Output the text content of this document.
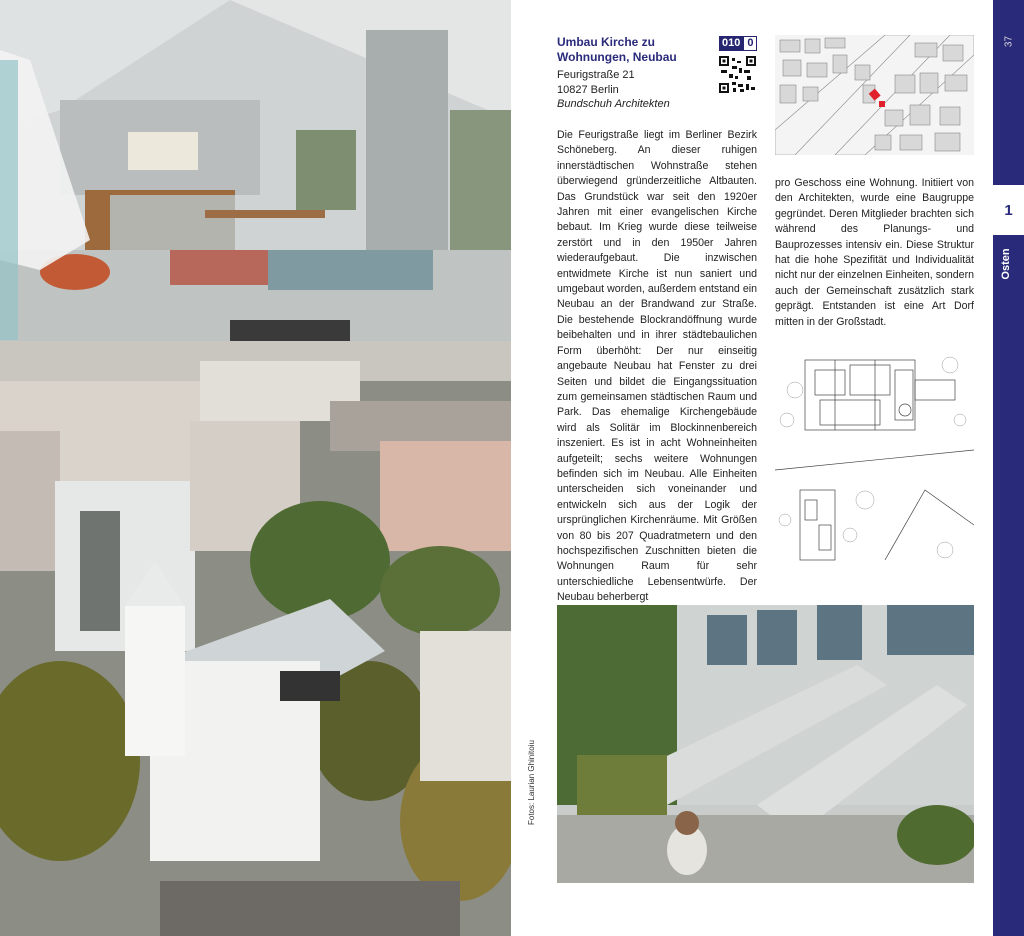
Umbau Kirche zu Wohnungen, Neubau
010 0
Feurigstraße 21
10827 Berlin
Bundschuh Architekten

Die Feurigstraße liegt im Berliner Bezirk Schöneberg. An dieser ruhigen innerstädtischen Wohnstraße stehen überwiegend gründerzeitliche Altbauten. Das Grundstück war seit den 1920er Jahren mit einer evangelischen Kirche bebaut. Im Krieg wurde diese teilweise zerstört und in den 1950er Jahren wiederaufgebaut. Die inzwischen entwidmete Kirche ist nun saniert und umgebaut worden, außerdem entstand ein Neubau an der Brandwand zur Straße. Die bestehende Blockrandöffnung wurde beibehalten und in ihrer städtebaulichen Form überhöht: Der nur einseitig angebaute Neubau hat Fenster zu drei Seiten und bildet die Eingangssituation zum gemeinsamen städtischen Raum und Park. Das ehemalige Kirchengebäude wird als Solitär im Blockinnenbereich inszeniert. Es ist in acht Wohneinheiten aufgeteilt; sechs weitere Wohnungen befinden sich im Neubau. Alle Einheiten unterscheiden sich voneinander und entwickeln sich aus der Logik der ursprünglichen Kirchenräume. Mit Größen von 80 bis 207 Quadratmetern und den hochspezifischen Zuschnitten bieten die Wohnungen Raum für sehr unterschiedliche Lebensentwürfe. Der Neubau beherbergt

pro Geschoss eine Wohnung. Initiiert von den Architekten, wurde eine Baugruppe gegründet. Deren Mitglieder brachten sich während des Planungs- und Bauprozesses intensiv ein. Diese Struktur hat die hohe Spezifität und Individualität nicht nur der einzelnen Einheiten, sondern auch der Gemeinschaft zusätzlich stark geprägt. Entstanden ist eine Art Dorf mitten in der Großstadt.

Fotos: Laurian Ghinitoiu
37
1
Osten
